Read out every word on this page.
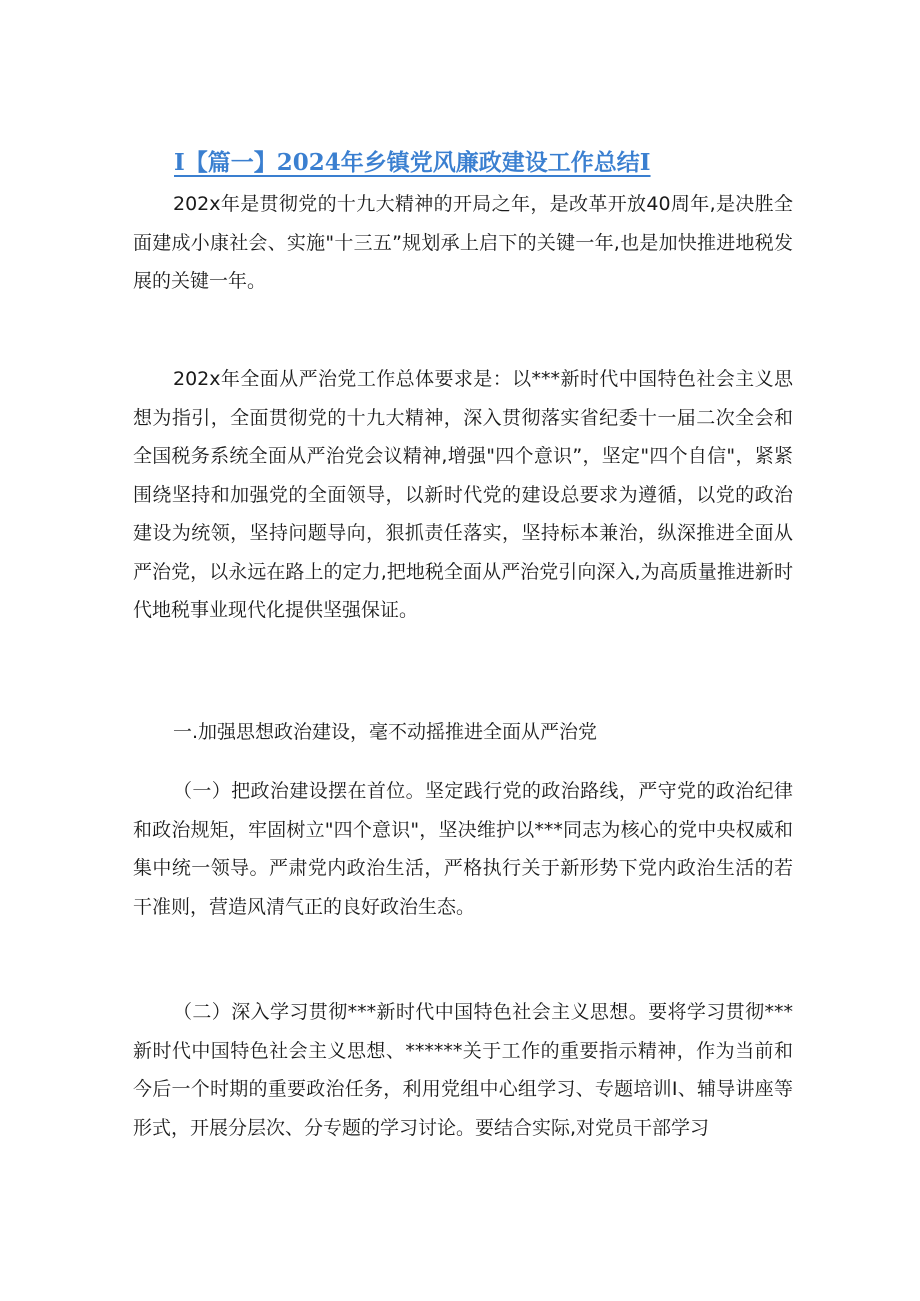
I【篇一】2024年乡镇党风廉政建设工作总结I

202x年是贯彻党的十九大精神的开局之年，是改革开放40周年,是决胜全面建成小康社会、实施"十三五”规划承上启下的关键一年,也是加快推进地税发展的关键一年。

202x年全面从严治党工作总体要求是：以***新时代中国特色社会主义思想为指引，全面贯彻党的十九大精神，深入贯彻落实省纪委十一届二次全会和全国税务系统全面从严治党会议精神,增强"四个意识”，坚定"四个自信"，紧紧围绕坚持和加强党的全面领导，以新时代党的建设总要求为遵循，以党的政治建设为统领，坚持问题导向，狠抓责任落实，坚持标本兼治，纵深推进全面从严治党，以永远在路上的定力,把地税全面从严治党引向深入,为高质量推进新时代地税事业现代化提供坚强保证。

一.加强思想政治建设，毫不动摇推进全面从严治党

（一）把政治建设摆在首位。坚定践行党的政治路线，严守党的政治纪律和政治规矩，牢固树立"四个意识"，坚决维护以***同志为核心的党中央权威和集中统一领导。严肃党内政治生活，严格执行关于新形势下党内政治生活的若干准则，营造风清气正的良好政治生态。

（二）深入学习贯彻***新时代中国特色社会主义思想。要将学习贯彻***新时代中国特色社会主义思想、******关于工作的重要指示精神，作为当前和今后一个时期的重要政治任务，利用党组中心组学习、专题培训I、辅导讲座等形式，开展分层次、分专题的学习讨论。要结合实际,对党员干部学习
